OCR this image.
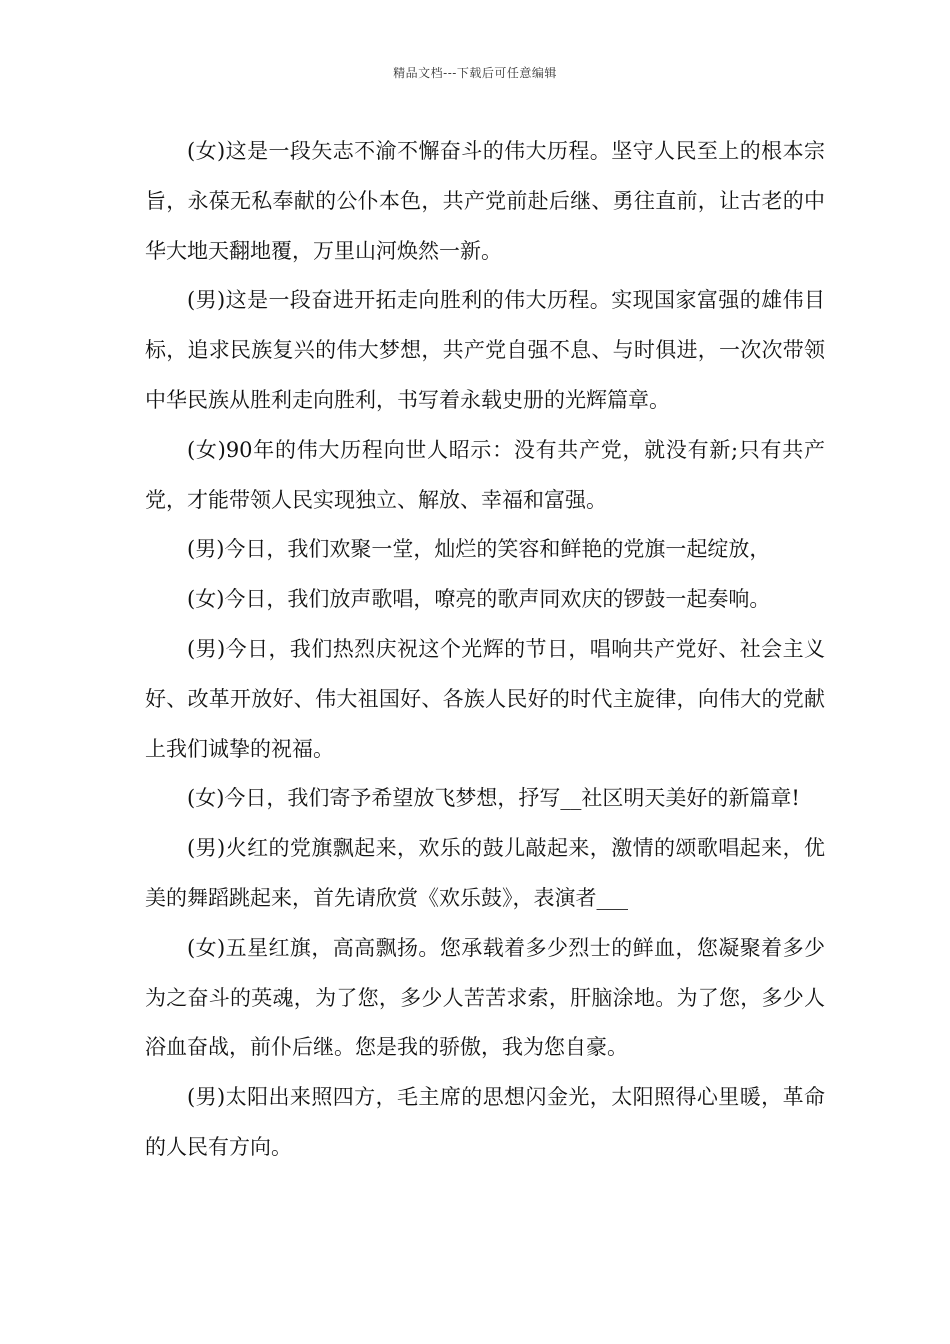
精品文档---下载后可任意编辑

(女)这是一段矢志不渝不懈奋斗的伟大历程。坚守人民至上的根本宗旨，永葆无私奉献的公仆本色，共产党前赴后继、勇往直前，让古老的中华大地天翻地覆，万里山河焕然一新。

(男)这是一段奋进开拓走向胜利的伟大历程。实现国家富强的雄伟目标，追求民族复兴的伟大梦想，共产党自强不息、与时俱进，一次次带领中华民族从胜利走向胜利，书写着永载史册的光辉篇章。

(女)90年的伟大历程向世人昭示：没有共产党，就没有新;只有共产党，才能带领人民实现独立、解放、幸福和富强。

(男)今日，我们欢聚一堂，灿烂的笑容和鲜艳的党旗一起绽放，

(女)今日，我们放声歌唱，嘹亮的歌声同欢庆的锣鼓一起奏响。

(男)今日，我们热烈庆祝这个光辉的节日，唱响共产党好、社会主义好、改革开放好、伟大祖国好、各族人民好的时代主旋律，向伟大的党献上我们诚挚的祝福。

(女)今日，我们寄予希望放飞梦想，抒写__社区明天美好的新篇章!

(男)火红的党旗飘起来，欢乐的鼓儿敲起来，激情的颂歌唱起来，优美的舞蹈跳起来，首先请欣赏《欢乐鼓》，表演者___

(女)五星红旗，高高飘扬。您承载着多少烈士的鲜血，您凝聚着多少为之奋斗的英魂，为了您，多少人苦苦求索，肝脑涂地。为了您，多少人浴血奋战，前仆后继。您是我的骄傲，我为您自豪。

(男)太阳出来照四方，毛主席的思想闪金光，太阳照得心里暖，革命的人民有方向。
